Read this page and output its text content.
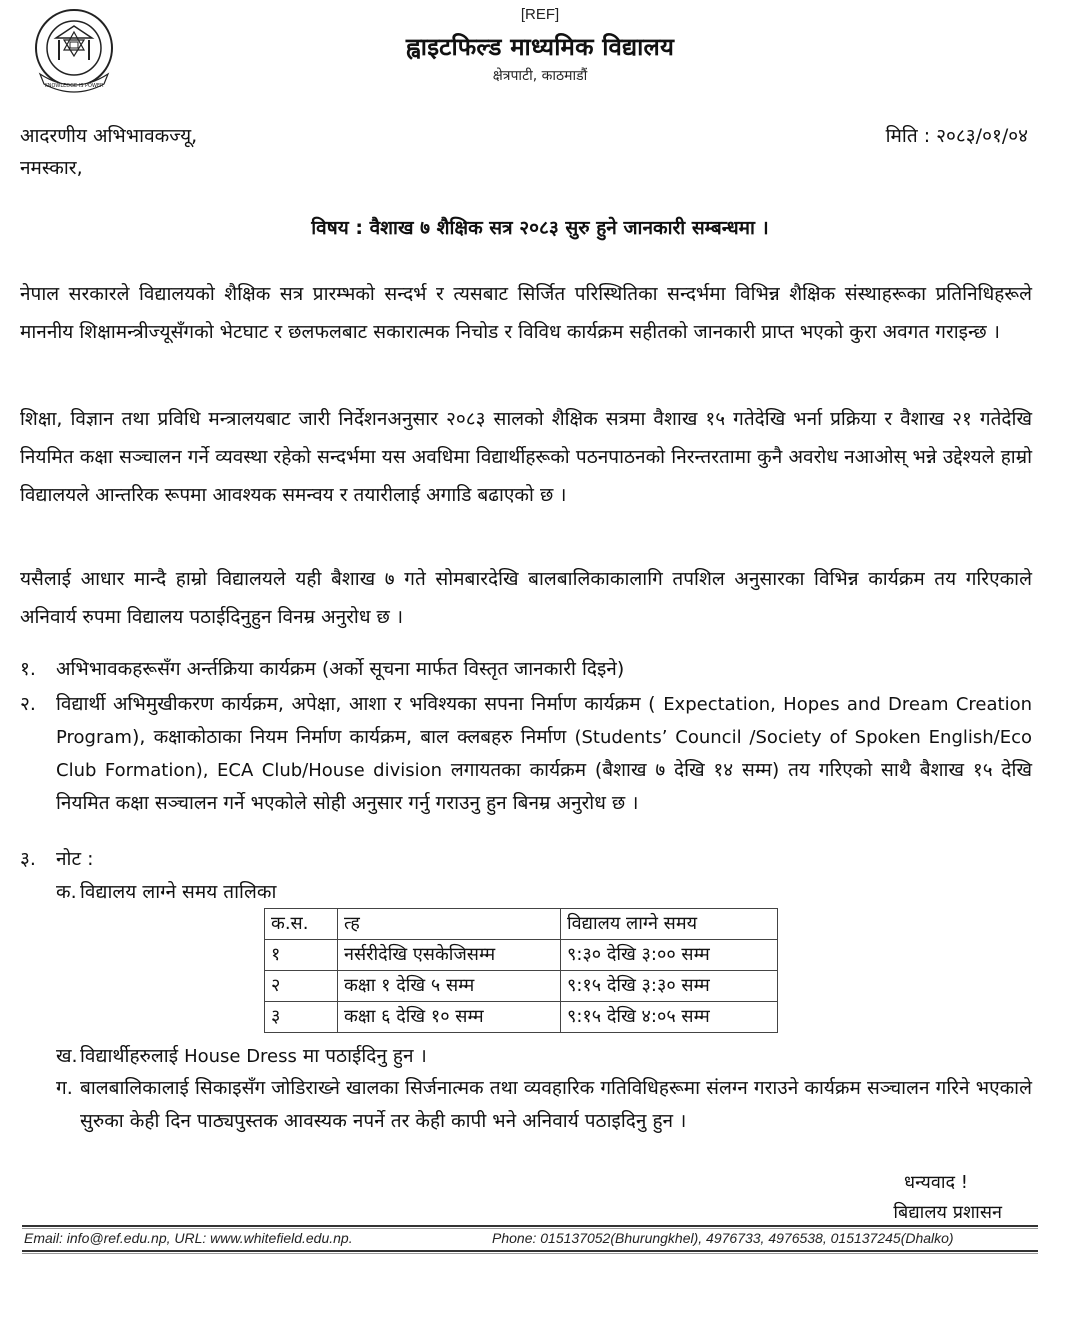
KNOWLEDGE IS POWER
[REF]
ह्वाइटफिल्ड माध्यमिक विद्यालय
क्षेत्रपाटी, काठमाडौं
आदरणीय अभिभावकज्यू,
नमस्कार,
मिति : २०८३/०१/०४
विषय : वैशाख ७ शैक्षिक सत्र २०८३ सुरु हुने जानकारी सम्बन्धमा ।
नेपाल सरकारले विद्यालयको शैक्षिक सत्र प्रारम्भको सन्दर्भ र त्यसबाट सिर्जित परिस्थितिका सन्दर्भमा विभिन्न शैक्षिक संस्थाहरूका प्रतिनिधिहरूले माननीय शिक्षामन्त्रीज्यूसँगको भेटघाट र छलफलबाट सकारात्मक निचोड र विविध कार्यक्रम सहीतको जानकारी प्राप्त भएको कुरा अवगत गराइन्छ ।
शिक्षा, विज्ञान तथा प्रविधि मन्त्रालयबाट जारी निर्देशनअनुसार २०८३ सालको शैक्षिक सत्रमा वैशाख १५ गतेदेखि भर्ना प्रक्रिया र वैशाख २१ गतेदेखि नियमित कक्षा सञ्चालन गर्ने व्यवस्था रहेको सन्दर्भमा यस अवधिमा विद्यार्थीहरूको पठनपाठनको निरन्तरतामा कुनै अवरोध नआओस् भन्ने उद्देश्यले हाम्रो विद्यालयले आन्तरिक रूपमा आवश्यक समन्वय र तयारीलाई अगाडि बढाएको छ ।
यसैलाई आधार मान्दै हाम्रो विद्यालयले यही बैशाख ७ गते सोमबारदेखि बालबालिकाकालागि तपशिल अनुसारका विभिन्न कार्यक्रम तय गरिएकाले अनिवार्य रुपमा विद्यालय पठाईदिनुहुन विनम्र अनुरोध छ ।
१. अभिभावकहरूसँग अर्न्तक्रिया कार्यक्रम (अर्को सूचना मार्फत विस्तृत जानकारी दिइने)
२. विद्यार्थी अभिमुखीकरण कार्यक्रम, अपेक्षा, आशा र भविश्यका सपना निर्माण कार्यक्रम ( Expectation, Hopes and Dream Creation Program), कक्षाकोठाका नियम निर्माण कार्यक्रम, बाल क्लबहरु निर्माण (Students’ Council /Society of Spoken English/Eco Club Formation), ECA Club/House division लगायतका कार्यक्रम (बैशाख ७ देखि १४ सम्म) तय गरिएको साथै बैशाख १५ देखि नियमित कक्षा सञ्चालन गर्ने भएकोले सोही अनुसार गर्नु गराउनु हुन बिनम्र अनुरोध छ ।
३. नोट :
क. विद्यालय लाग्ने समय तालिका
क.स.	त्ह	विद्यालय लाग्ने समय
१	नर्सरीदेखि एसकेजिसम्म	९:३० देखि ३:०० सम्म
२	कक्षा १ देखि ५ सम्म	९:१५ देखि ३:३० सम्म
३	कक्षा ६ देखि १० सम्म	९:१५ देखि ४:०५ सम्म
ख. विद्यार्थीहरुलाई House Dress मा पठाईदिनु हुन ।
ग. बालबालिकालाई सिकाइसँग जोडिराख्ने खालका सिर्जनात्मक तथा व्यवहारिक गतिविधिहरूमा संलग्न गराउने कार्यक्रम सञ्चालन गरिने भएकाले सुरुका केही दिन पाठ्यपुस्तक आवस्यक नपर्ने तर केही कापी भने अनिवार्य पठाइदिनु हुन ।
धन्यवाद !
बिद्यालय प्रशासन
Email: info@ref.edu.np, URL: www.whitefield.edu.np.	Phone: 015137052(Bhurungkhel), 4976733, 4976538, 015137245(Dhalko)
